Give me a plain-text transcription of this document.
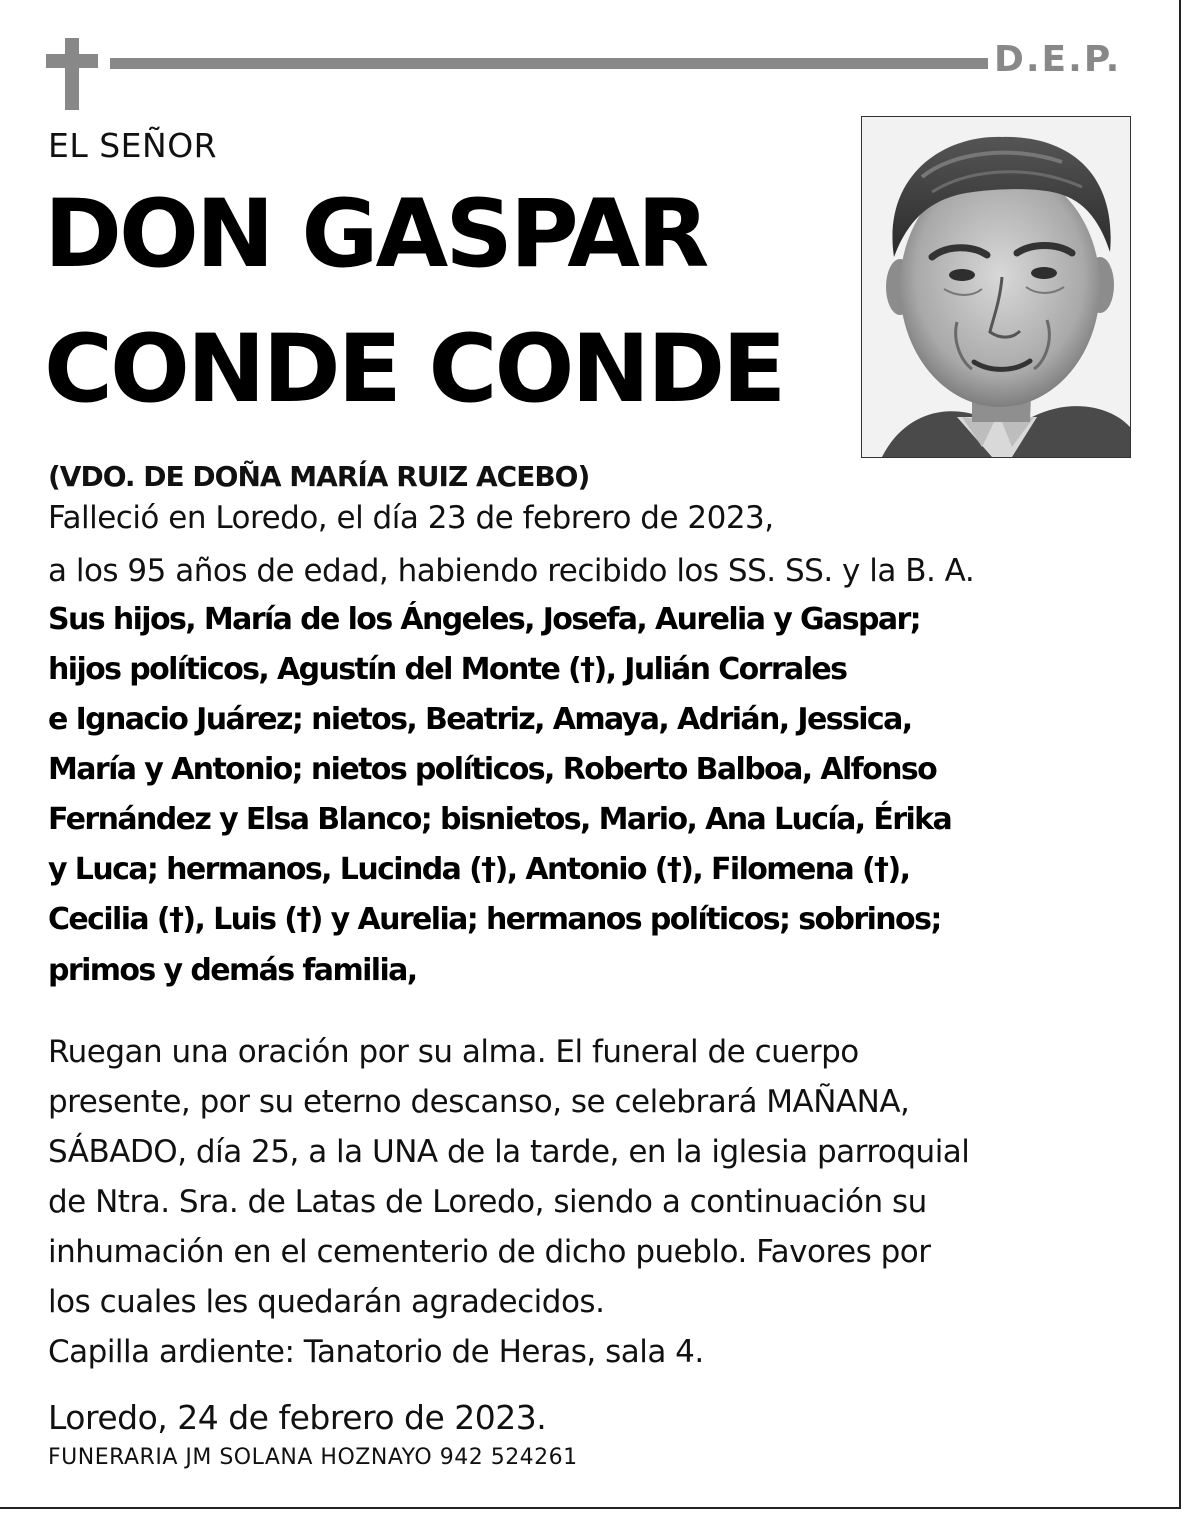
D.E.P.
EL SEÑOR
DON GASPAR
CONDE CONDE
(VDO. DE DOÑA MARÍA RUIZ ACEBO)
Falleció en Loredo, el día 23 de febrero de 2023,
a los 95 años de edad, habiendo recibido los SS. SS. y la B. A.
Sus hijos, María de los Ángeles, Josefa, Aurelia y Gaspar;
hijos políticos, Agustín del Monte (†), Julián Corrales
e Ignacio Juárez; nietos, Beatriz, Amaya, Adrián, Jessica,
María y Antonio; nietos políticos, Roberto Balboa, Alfonso
Fernández y Elsa Blanco; bisnietos, Mario, Ana Lucía, Érika
y Luca; hermanos, Lucinda (†), Antonio (†), Filomena (†),
Cecilia (†), Luis (†) y Aurelia; hermanos políticos; sobrinos;
primos y demás familia,
Ruegan una oración por su alma. El funeral de cuerpo
presente, por su eterno descanso, se celebrará MAÑANA,
SÁBADO, día 25, a la UNA de la tarde, en la iglesia parroquial
de Ntra. Sra. de Latas de Loredo, siendo a continuación su
inhumación en el cementerio de dicho pueblo. Favores por
los cuales les quedarán agradecidos.
Capilla ardiente: Tanatorio de Heras, sala 4.
Loredo, 24 de febrero de 2023.
FUNERARIA JM SOLANA HOZNAYO 942 524261
